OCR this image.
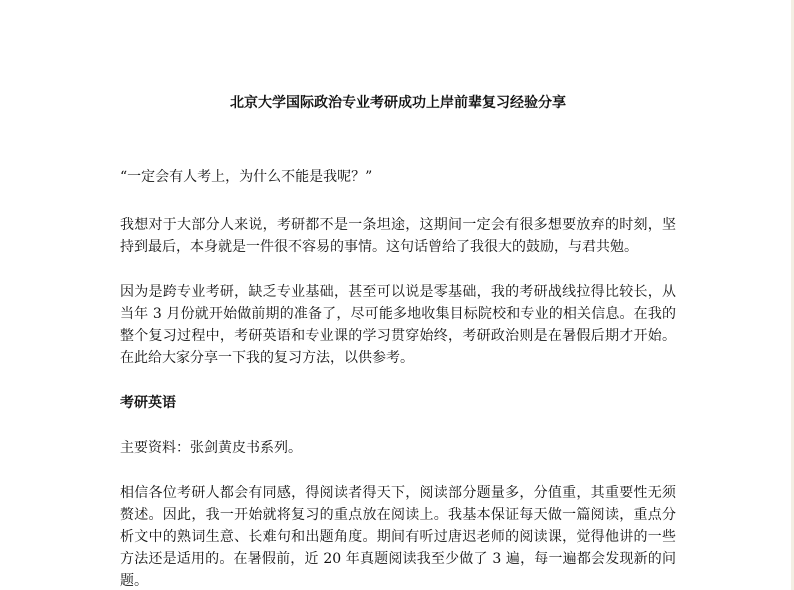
北京大学国际政治专业考研成功上岸前辈复习经验分享

“一定会有人考上，为什么不能是我呢？”

我想对于大部分人来说，考研都不是一条坦途，这期间一定会有很多想要放弃的时刻，坚持到最后，本身就是一件很不容易的事情。这句话曾给了我很大的鼓励，与君共勉。

因为是跨专业考研，缺乏专业基础，甚至可以说是零基础，我的考研战线拉得比较长，从当年 3 月份就开始做前期的准备了，尽可能多地收集目标院校和专业的相关信息。在我的整个复习过程中，考研英语和专业课的学习贯穿始终，考研政治则是在暑假后期才开始。在此给大家分享一下我的复习方法，以供参考。

考研英语

主要资料：张剑黄皮书系列。

相信各位考研人都会有同感，得阅读者得天下，阅读部分题量多，分值重，其重要性无须赘述。因此，我一开始就将复习的重点放在阅读上。我基本保证每天做一篇阅读，重点分析文中的熟词生意、长难句和出题角度。期间有听过唐迟老师的阅读课，觉得他讲的一些方法还是适用的。在暑假前，近 20 年真题阅读我至少做了 3 遍，每一遍都会发现新的问题。
